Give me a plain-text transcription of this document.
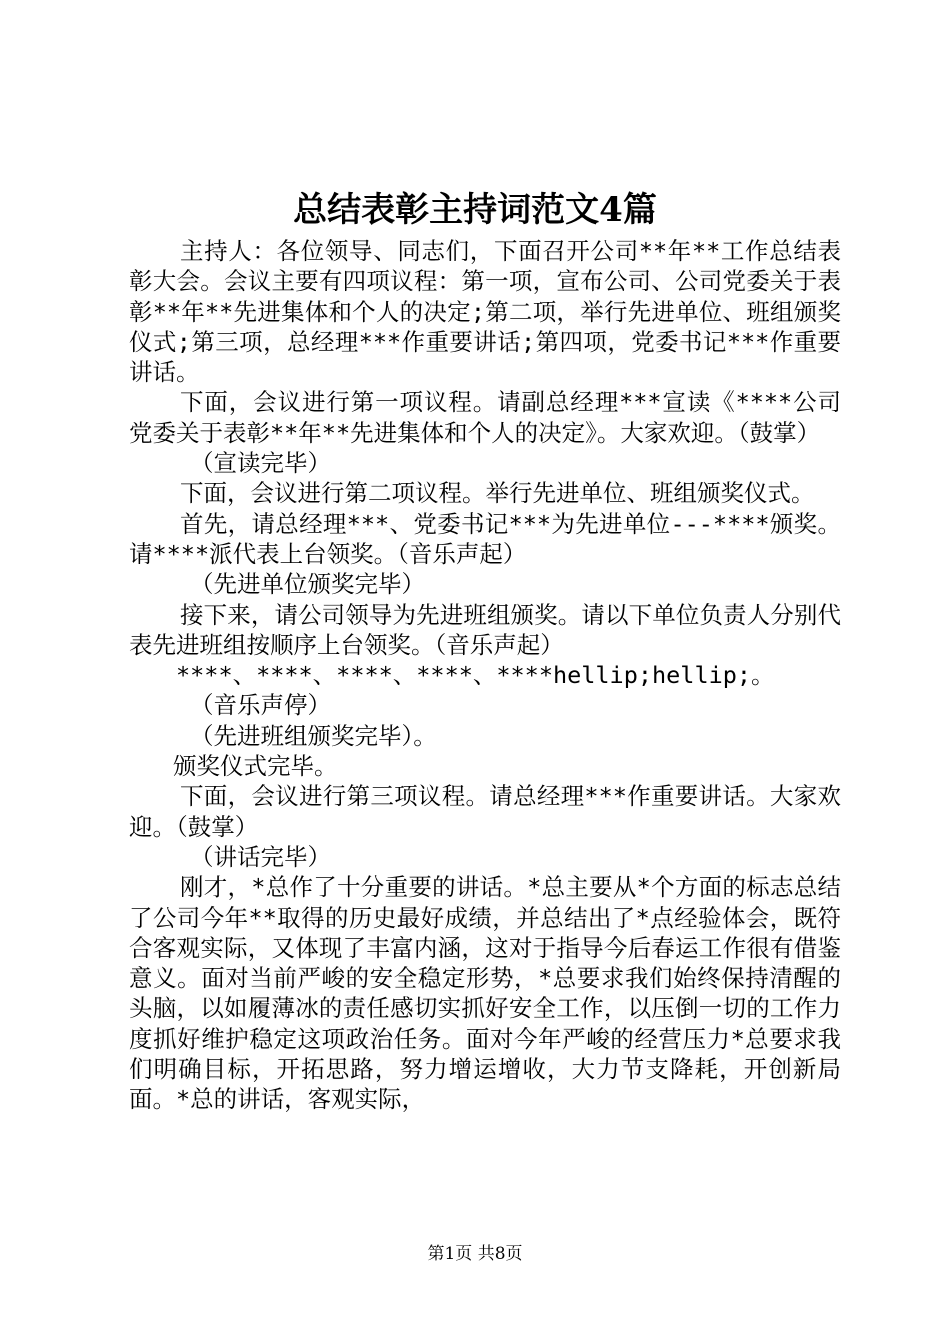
总结表彰主持词范文4篇

主持人：各位领导、同志们，下面召开公司**年**工作总结表彰大会。会议主要有四项议程：第一项，宣布公司、公司党委关于表彰**年**先进集体和个人的决定;第二项，举行先进单位、班组颁奖仪式;第三项，总经理***作重要讲话;第四项，党委书记***作重要讲话。

下面，会议进行第一项议程。请副总经理***宣读《****公司党委关于表彰**年**先进集体和个人的决定》。大家欢迎。（鼓掌）

（宣读完毕）

下面，会议进行第二项议程。举行先进单位、班组颁奖仪式。

首先，请总经理***、党委书记***为先进单位---****颁奖。请****派代表上台领奖。（音乐声起）

（先进单位颁奖完毕）

接下来，请公司领导为先进班组颁奖。请以下单位负责人分别代表先进班组按顺序上台领奖。（音乐声起）

****、****、****、****、****hellip;hellip;。

（音乐声停）

（先进班组颁奖完毕）。

颁奖仪式完毕。

下面，会议进行第三项议程。请总经理***作重要讲话。大家欢迎。（鼓掌）

（讲话完毕）

刚才，*总作了十分重要的讲话。*总主要从*个方面的标志总结了公司今年**取得的历史最好成绩，并总结出了*点经验体会，既符合客观实际，又体现了丰富内涵，这对于指导今后春运工作很有借鉴意义。面对当前严峻的安全稳定形势，*总要求我们始终保持清醒的头脑，以如履薄冰的责任感切实抓好安全工作，以压倒一切的工作力度抓好维护稳定这项政治任务。面对今年严峻的经营压力*总要求我们明确目标，开拓思路，努力增运增收，大力节支降耗，开创新局面。*总的讲话，客观实际，

第1页 共8页
